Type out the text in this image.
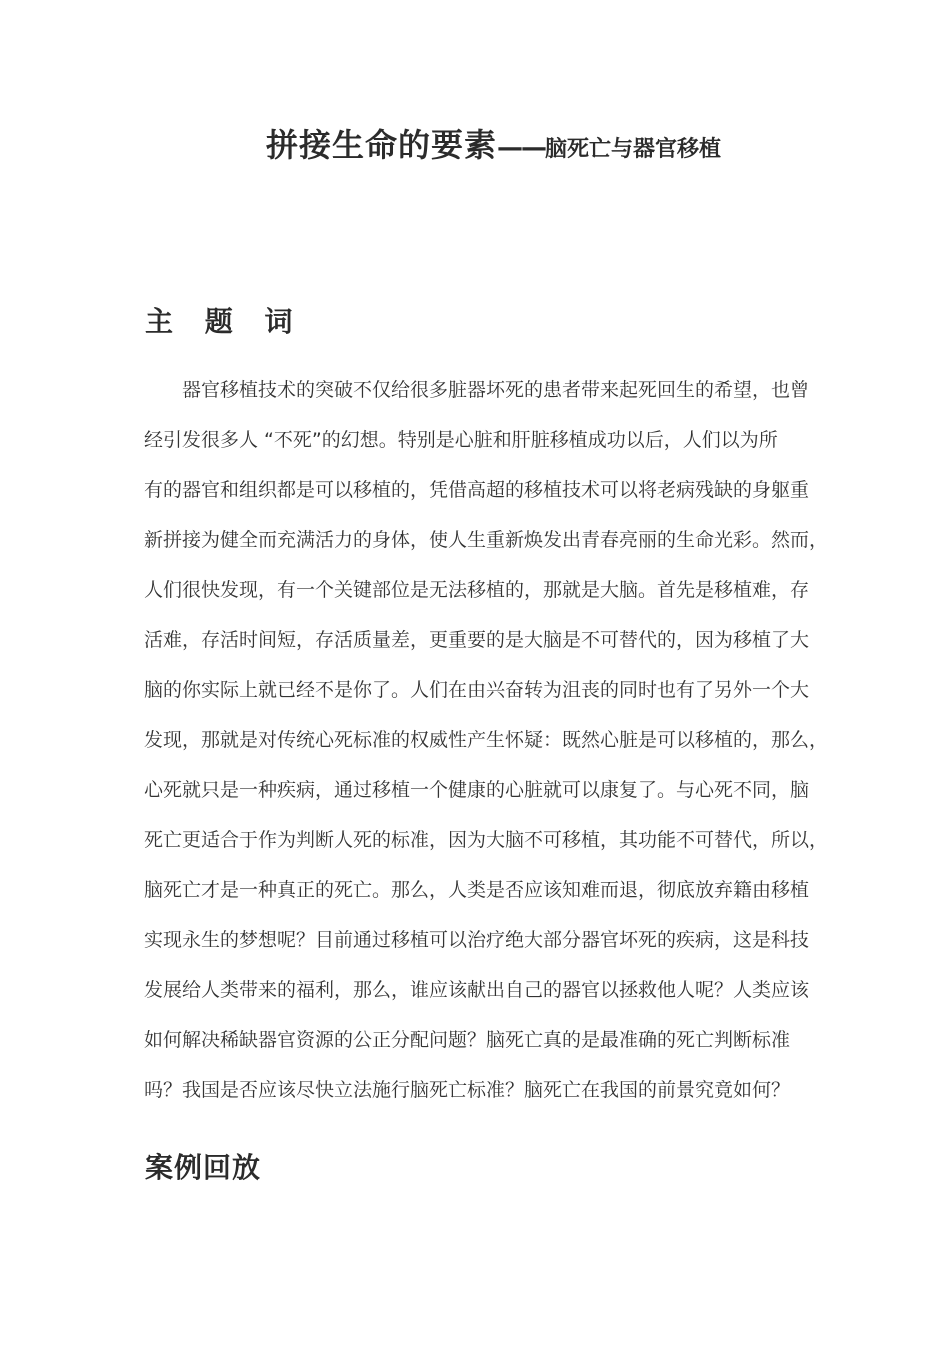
拼接生命的要素——脑死亡与器官移植
主 题 词
器官移植技术的突破不仅给很多脏器坏死的患者带来起死回生的希望，也曾
经引发很多人 “不死”的幻想。特别是心脏和肝脏移植成功以后，人们以为所
有的器官和组织都是可以移植的，凭借高超的移植技术可以将老病残缺的身躯重
新拼接为健全而充满活力的身体，使人生重新焕发出青春亮丽的生命光彩。然而，
人们很快发现，有一个关键部位是无法移植的，那就是大脑。首先是移植难，存
活难，存活时间短，存活质量差，更重要的是大脑是不可替代的，因为移植了大
脑的你实际上就已经不是你了。人们在由兴奋转为沮丧的同时也有了另外一个大
发现，那就是对传统心死标准的权威性产生怀疑：既然心脏是可以移植的，那么，
心死就只是一种疾病，通过移植一个健康的心脏就可以康复了。与心死不同，脑
死亡更适合于作为判断人死的标准，因为大脑不可移植，其功能不可替代，所以，
脑死亡才是一种真正的死亡。那么，人类是否应该知难而退，彻底放弃籍由移植
实现永生的梦想呢？目前通过移植可以治疗绝大部分器官坏死的疾病，这是科技
发展给人类带来的福利，那么，谁应该献出自己的器官以拯救他人呢？人类应该
如何解决稀缺器官资源的公正分配问题？脑死亡真的是最准确的死亡判断标准
吗？我国是否应该尽快立法施行脑死亡标准？脑死亡在我国的前景究竟如何？
案例回放
